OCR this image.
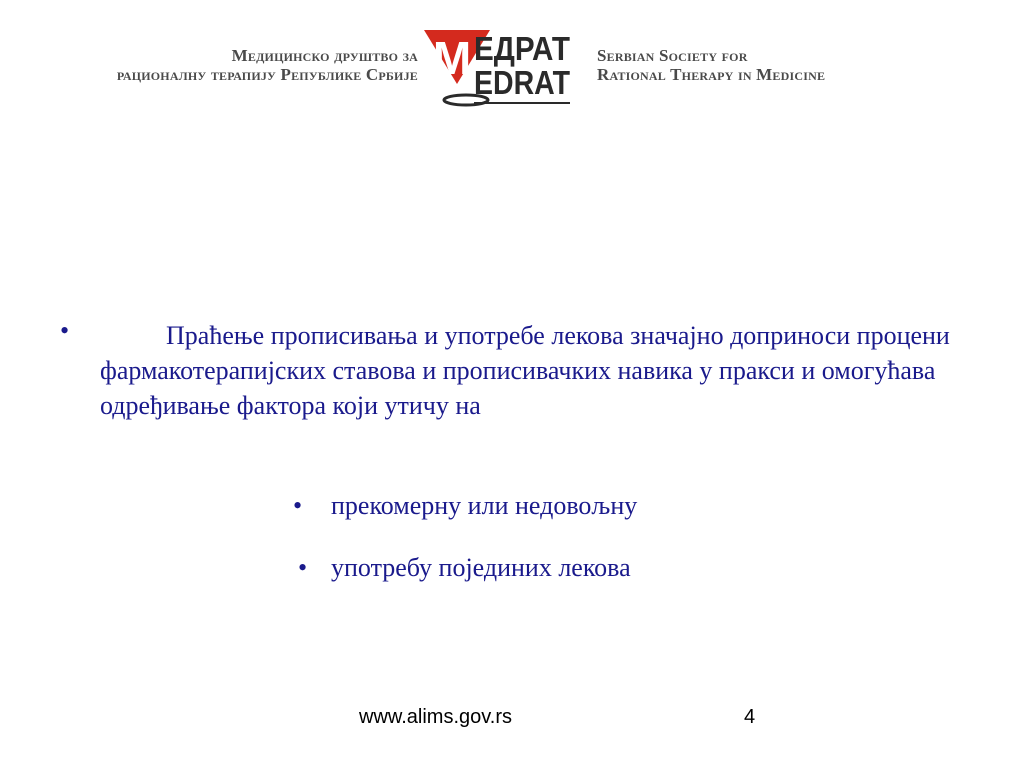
Медицинско друштво за
рационалну терапију Републике Србије M ЕДРАТ
EDRAT
Serbian Society for
Rational Therapy in Medicine
•	Праћење прописивања и употребе лекова значајно доприноси процени фармакотерапијских ставова и прописивачких навика у пракси и омогућава одређивање фактора који утичу на
• прекомерну или недовољну
• употребу појединих лекова
www.alims.gov.rs	4
